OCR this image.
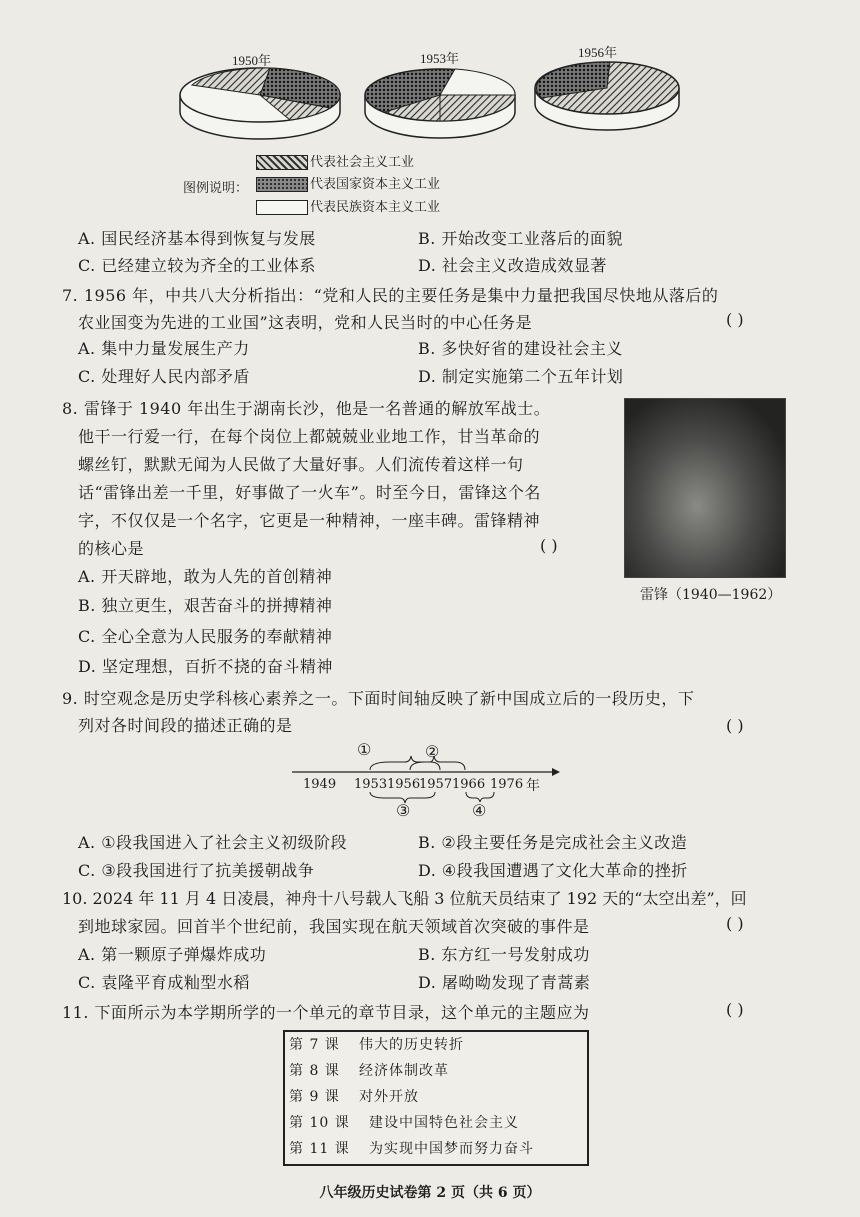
1950年	1953年	1956年
图例说明：
代表社会主义工业
代表国家资本主义工业
代表民族资本主义工业
A. 国民经济基本得到恢复与发展	B. 开始改变工业落后的面貌
C. 已经建立较为齐全的工业体系	D. 社会主义改造成效显著
7. 1956 年，中共八大分析指出：“党和人民的主要任务是集中力量把我国尽快地从落后的
农业国变为先进的工业国”这表明，党和人民当时的中心任务是	( )
A. 集中力量发展生产力	B. 多快好省的建设社会主义
C. 处理好人民内部矛盾	D. 制定实施第二个五年计划
8. 雷锋于 1940 年出生于湖南长沙，他是一名普通的解放军战士。
他干一行爱一行，在每个岗位上都兢兢业业地工作，甘当革命的
螺丝钉，默默无闻为人民做了大量好事。人们流传着这样一句
话“雷锋出差一千里，好事做了一火车”。时至今日，雷锋这个名
字，不仅仅是一个名字，它更是一种精神，一座丰碑。雷锋精神
的核心是	( )
A. 开天辟地，敢为人先的首创精神
B. 独立更生，艰苦奋斗的拼搏精神
C. 全心全意为人民服务的奉献精神
D. 坚定理想，百折不挠的奋斗精神
雷锋（1940—1962）
9. 时空观念是历史学科核心素养之一。下面时间轴反映了新中国成立后的一段历史，下
列对各时间段的描述正确的是	( )
①	②
③	④
1949 1953 1956
1957 1966 1976 年
A. ①段我国进入了社会主义初级阶段	B. ②段主要任务是完成社会主义改造
C. ③段我国进行了抗美援朝战争	D. ④段我国遭遇了文化大革命的挫折
10. 2024 年 11 月 4 日凌晨，神舟十八号载人飞船 3 位航天员结束了 192 天的“太空出差”，回
到地球家园。回首半个世纪前，我国实现在航天领域首次突破的事件是	( )
A. 第一颗原子弹爆炸成功	B. 东方红一号发射成功
C. 袁隆平育成籼型水稻	D. 屠呦呦发现了青蒿素
11. 下面所示为本学期所学的一个单元的章节目录，这个单元的主题应为	( )
第 7 课 伟大的历史转折
第 8 课 经济体制改革
第 9 课 对外开放
第 10 课 建设中国特色社会主义
第 11 课 为实现中国梦而努力奋斗
八年级历史试卷第 2 页（共 6 页）
